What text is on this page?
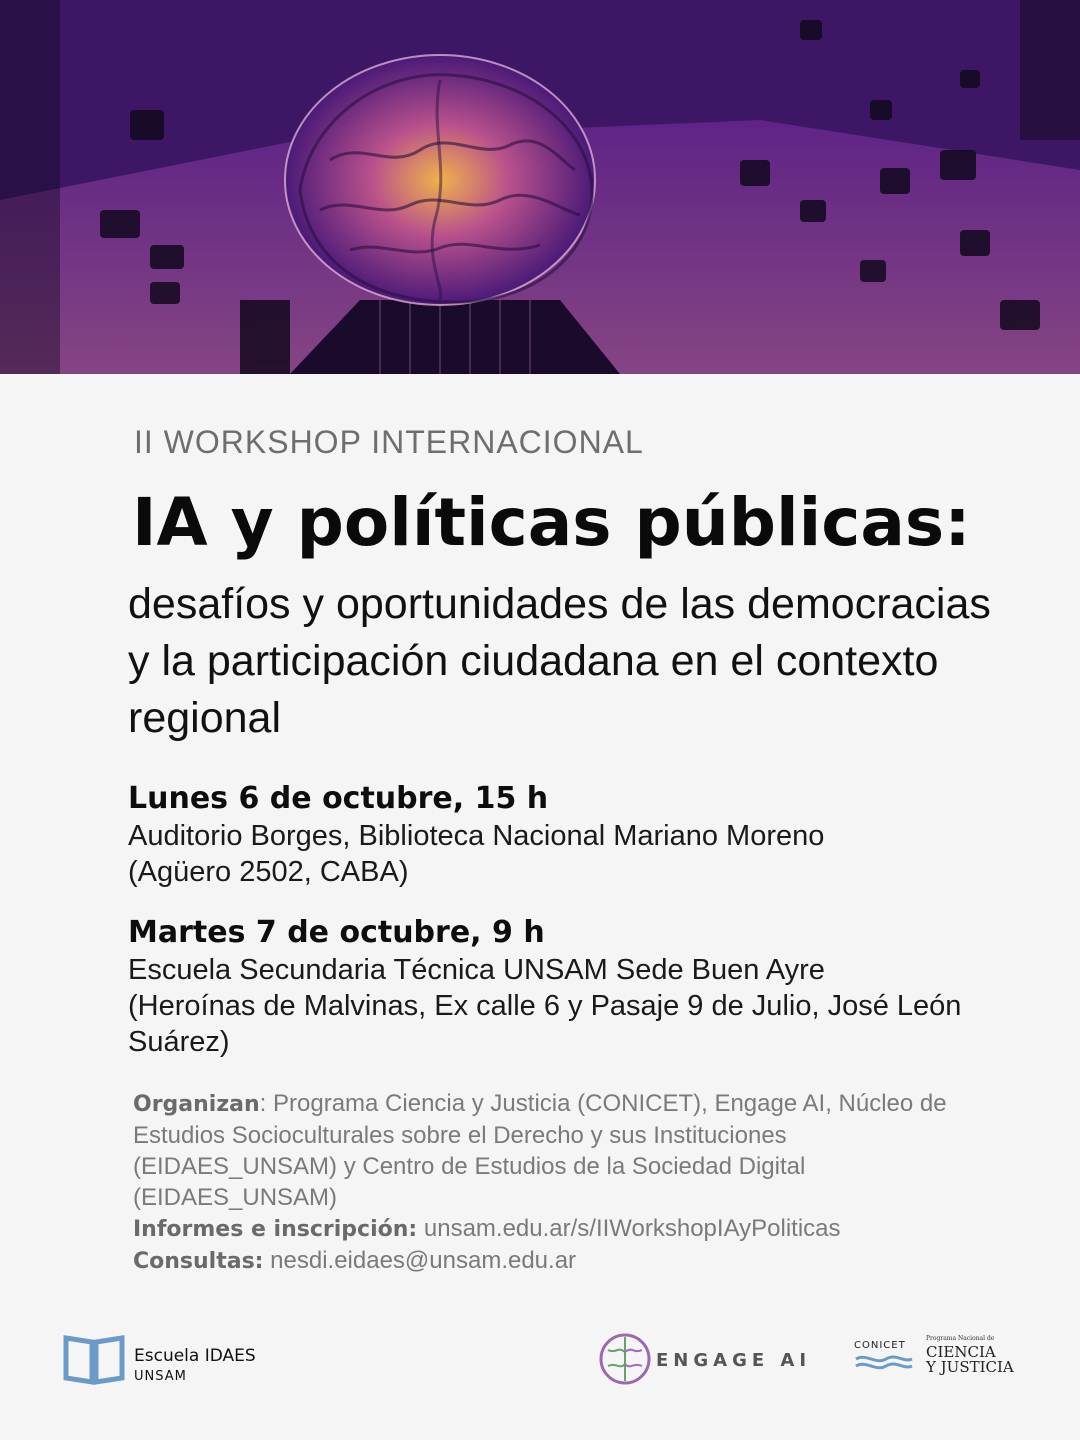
II WORKSHOP INTERNACIONAL
IA y políticas públicas:
desafíos y oportunidades de las democracias y la participación ciudadana en el contexto regional
Lunes 6 de octubre, 15 h
Auditorio Borges, Biblioteca Nacional Mariano Moreno
(Agüero 2502, CABA)
Martes 7 de octubre, 9 h
Escuela Secundaria Técnica UNSAM Sede Buen Ayre
(Heroínas de Malvinas, Ex calle 6 y Pasaje 9 de Julio, José León Suárez)
Organizan: Programa Ciencia y Justicia (CONICET), Engage AI, Núcleo de Estudios Socioculturales sobre el Derecho y sus Instituciones (EIDAES_UNSAM) y Centro de Estudios de la Sociedad Digital (EIDAES_UNSAM)
Informes e inscripción: unsam.edu.ar/s/IIWorkshopIAyPoliticas
Consultas: nesdi.eidaes@unsam.edu.ar
Escuela IDAES
UNSAM
ENGAGE AI
CONICET
Programa Nacional de
CIENCIA
Y JUSTICIA
